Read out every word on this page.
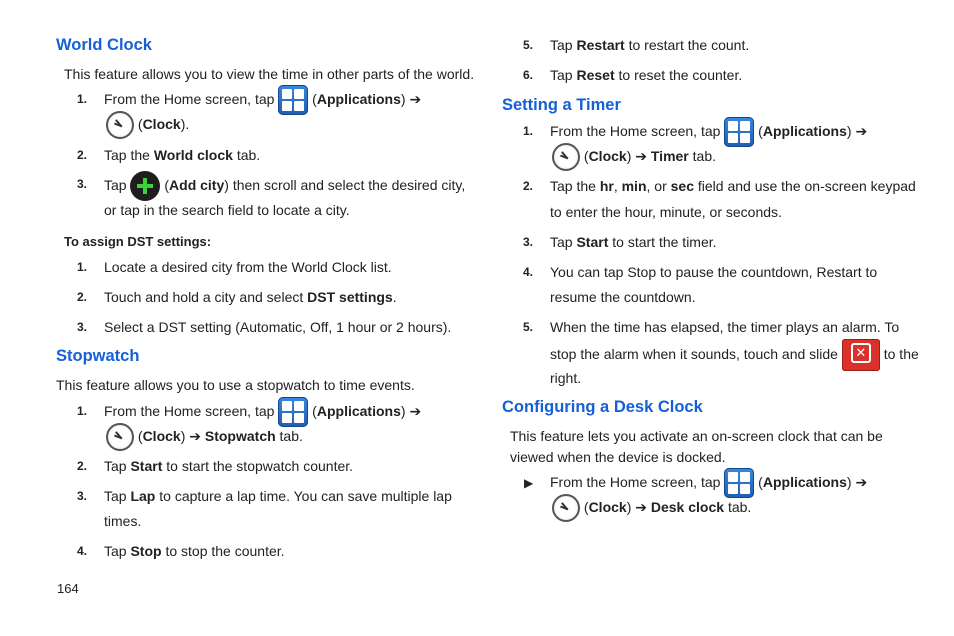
World Clock
This feature allows you to view the time in other parts of the world.
1. From the Home screen, tap
(Applications) ➔
(Clock).
2. Tap the World clock tab.
3. Tap  (Add city) then scroll and select the desired city,
or tap in the search field to locate a city.
To assign DST settings:
1. Locate a desired city from the World Clock list.
2. Touch and hold a city and select DST settings.
3. Select a DST setting (Automatic, Off, 1 hour or 2 hours).
Stopwatch
This feature allows you to use a stopwatch to time events.
1. From the Home screen, tap
(Applications) ➔
(Clock) ➔ Stopwatch tab.
2. Tap Start to start the stopwatch counter.
3. Tap Lap to capture a lap time. You can save multiple lap
times.
4. Tap Stop to stop the counter.
164
5. Tap Restart to restart the count.
6. Tap Reset to reset the counter.
Setting a Timer
1. From the Home screen, tap
(Applications) ➔
(Clock) ➔ Timer tab.
2. Tap the hr, min, or sec field and use the on-screen keypad
to enter the hour, minute, or seconds.
3. Tap Start to start the timer.
4. You can tap Stop to pause the countdown, Restart to
resume the countdown.
5. When the time has elapsed, the timer plays an alarm. To
stop the alarm when it sounds, touch and slide ✕	to the
right.
Configuring a Desk Clock
This feature lets you activate an on-screen clock that can be
viewed when the device is docked.
▶ From the Home screen, tap
(Applications) ➔
(Clock) ➔ Desk clock tab.
